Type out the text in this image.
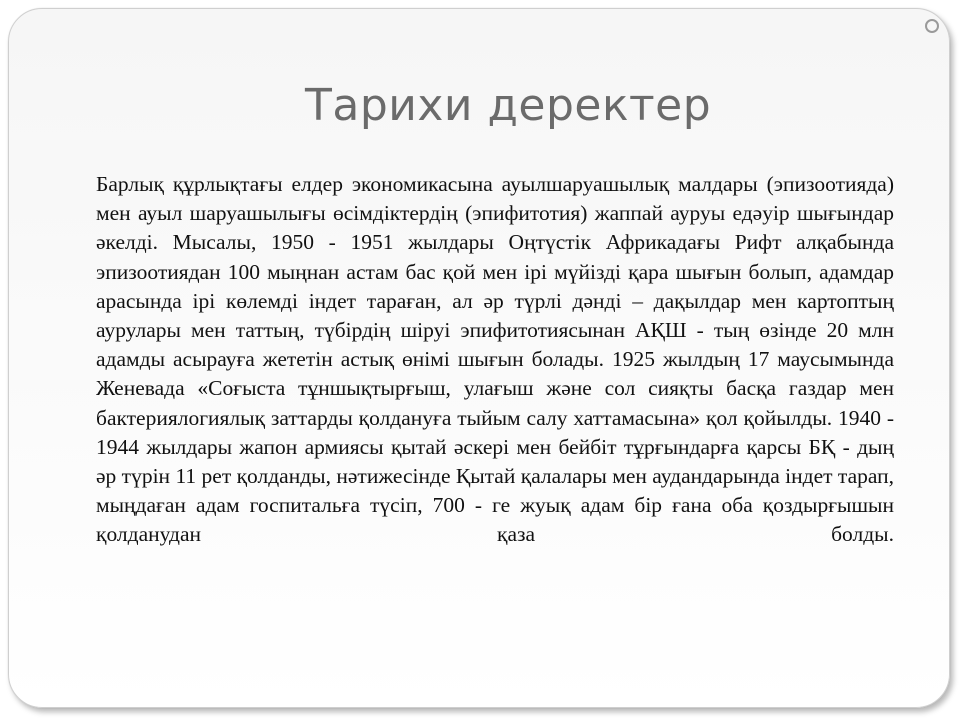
Тарихи деректер

Барлық құрлықтағы елдер экономикасына ауылшаруашылық малдары (эпизоотияда) мен ауыл шаруашылығы өсімдіктердің (эпифитотия) жаппай ауруы едәуір шығындар әкелді. Мысалы, 1950 - 1951 жылдары Оңтүстік Африкадағы Рифт алқабында эпизоотиядан 100 мыңнан астам бас қой мен ірі мүйізді қара шығын болып, адамдар арасында ірі көлемді індет тараған, ал әр түрлі дәнді – дақылдар мен картоптың аурулары мен таттың, түбірдің шіруі эпифитотиясынан АҚШ - тың өзінде 20 млн адамды асырауға жететін астық өнімі шығын болады. 1925 жылдың 17 маусымында Женевада «Соғыста тұншықтырғыш, улағыш және сол сияқты басқа газдар мен бактериялогиялық заттарды қолдануға тыйым салу хаттамасына» қол қойылды. 1940 - 1944 жылдары жапон армиясы қытай әскері мен бейбіт тұрғындарға қарсы БҚ - дың әр түрін 11 рет қолданды, нәтижесінде Қытай қалалары мен аудандарында індет тарап, мыңдаған адам госпитальға түсіп, 700 - ге жуық адам бір ғана оба қоздырғышын қолданудан қаза болды.
